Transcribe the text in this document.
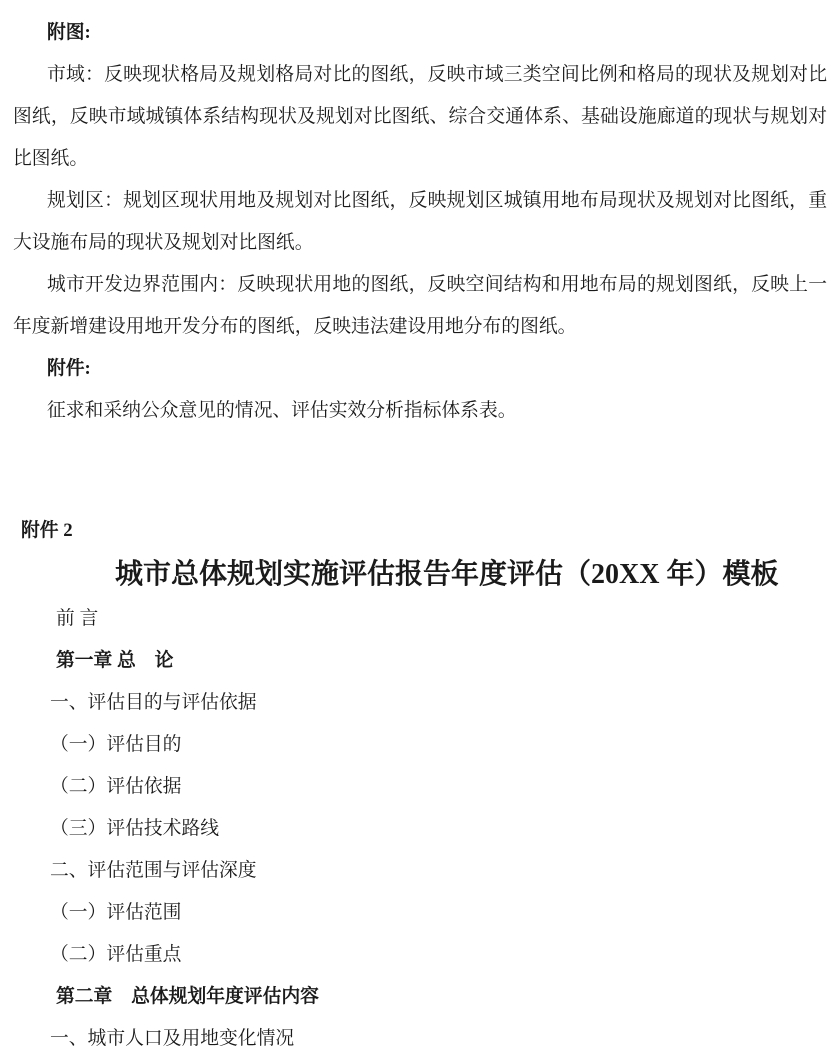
附图:
市域：反映现状格局及规划格局对比的图纸，反映市域三类空间比例和格局的现状及规划对比
图纸，反映市域城镇体系结构现状及规划对比图纸、综合交通体系、基础设施廊道的现状与规划对
比图纸。
规划区：规划区现状用地及规划对比图纸，反映规划区城镇用地布局现状及规划对比图纸，重
大设施布局的现状及规划对比图纸。
城市开发边界范围内：反映现状用地的图纸，反映空间结构和用地布局的规划图纸，反映上一
年度新增建设用地开发分布的图纸，反映违法建设用地分布的图纸。
附件:
征求和采纳公众意见的情况、评估实效分析指标体系表。
附件 2
城市总体规划实施评估报告年度评估（20XX 年）模板
前 言
第一章 总　论
一、评估目的与评估依据
（一）评估目的
（二）评估依据
（三）评估技术路线
二、评估范围与评估深度
（一）评估范围
（二）评估重点
第二章　总体规划年度评估内容
一、城市人口及用地变化情况
